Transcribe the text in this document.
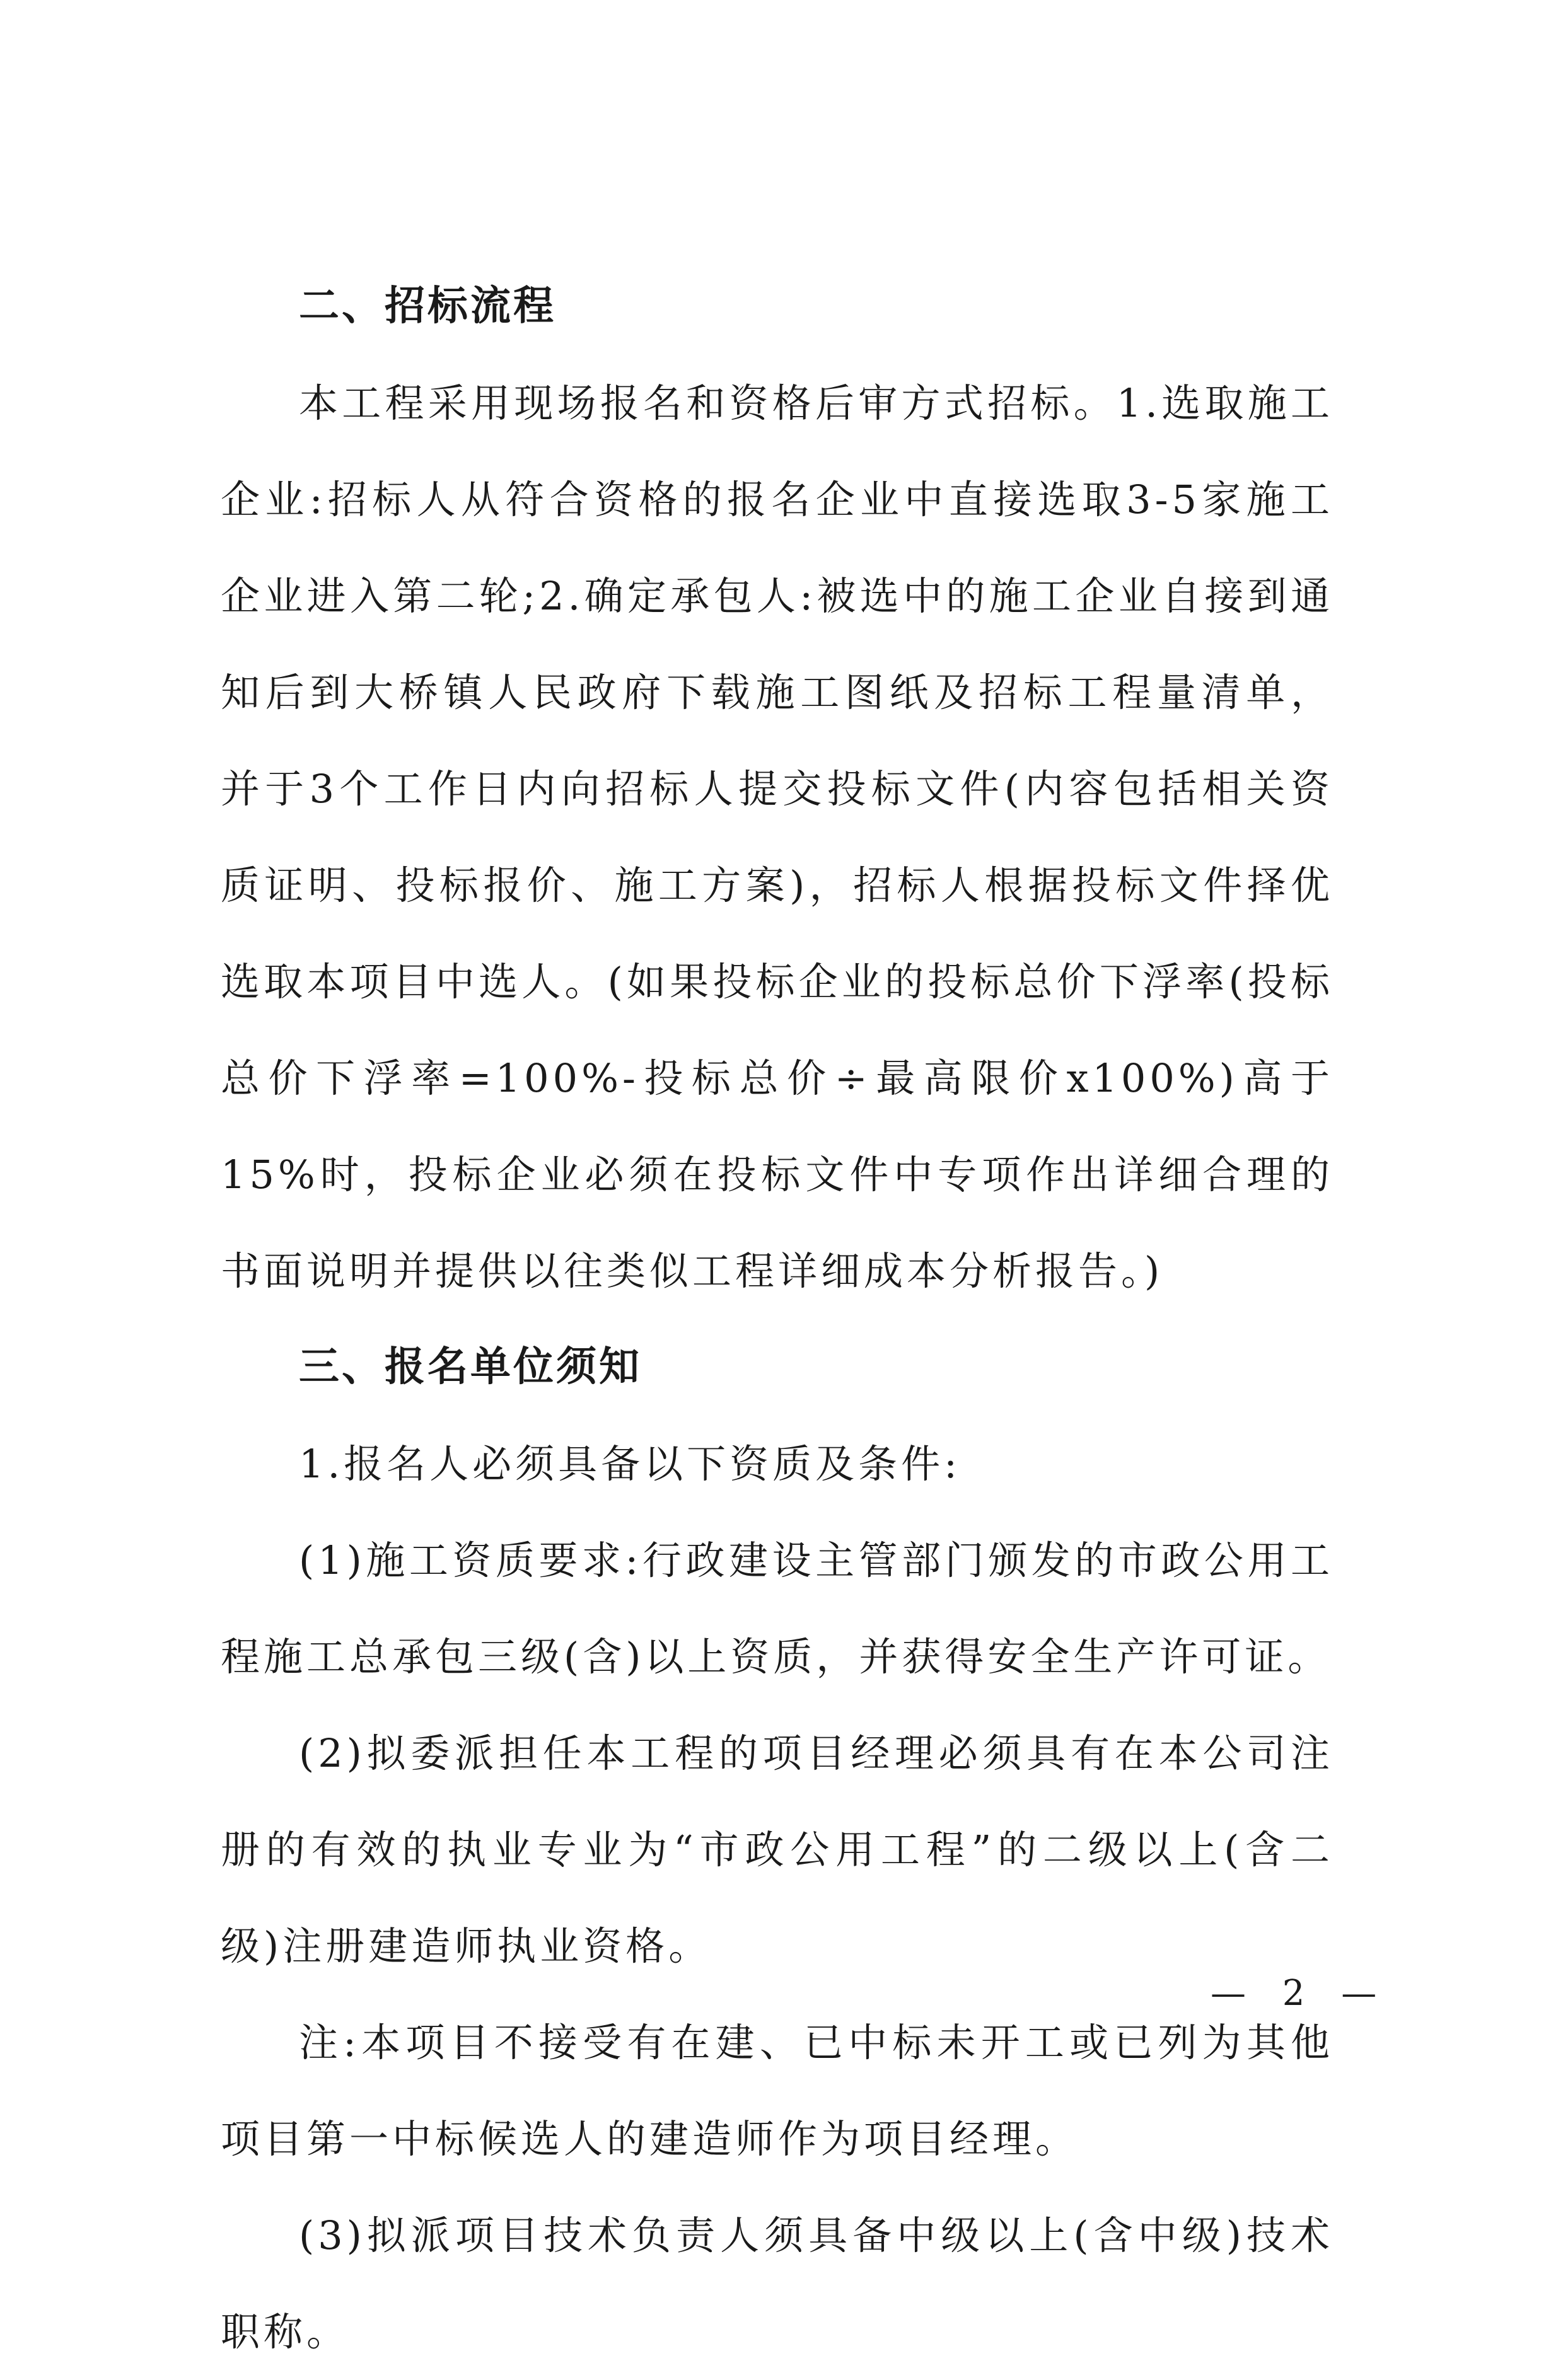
二、招标流程

本工程采用现场报名和资格后审方式招标。1.选取施工企业:招标人从符合资格的报名企业中直接选取3-5家施工企业进入第二轮;2.确定承包人:被选中的施工企业自接到通知后到大桥镇人民政府下载施工图纸及招标工程量清单，并于3个工作日内向招标人提交投标文件(内容包括相关资质证明、投标报价、施工方案)，招标人根据投标文件择优选取本项目中选人。(如果投标企业的投标总价下浮率(投标总价下浮率=100%-投标总价÷最高限价x100%)高于15%时，投标企业必须在投标文件中专项作出详细合理的书面说明并提供以往类似工程详细成本分析报告。)

三、报名单位须知

1.报名人必须具备以下资质及条件:

(1)施工资质要求:行政建设主管部门颁发的市政公用工程施工总承包三级(含)以上资质，并获得安全生产许可证。

(2)拟委派担任本工程的项目经理必须具有在本公司注册的有效的执业专业为“市政公用工程”的二级以上(含二级)注册建造师执业资格。

注:本项目不接受有在建、已中标未开工或已列为其他项目第一中标候选人的建造师作为项目经理。

(3)拟派项目技术负责人须具备中级以上(含中级)技术职称。

— 2 —
